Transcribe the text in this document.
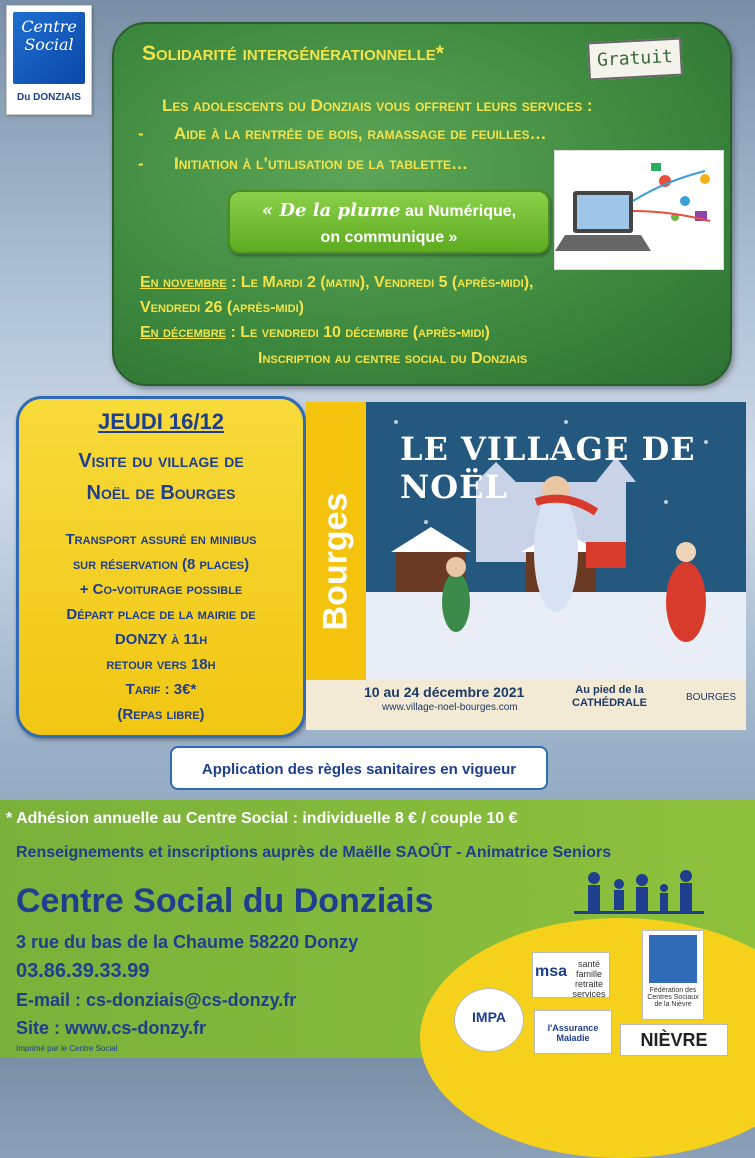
Centre
Social
Du DONZIAIS
Solidarité intergénérationnelle*	Gratuit
Les adolescents du Donziais vous offrent leurs services :
- Aide à la rentrée de bois, ramassage de feuilles…
- Initiation à l’utilisation de la tablette…
« De la plume au Numérique,
on communique »
En novembre : Le Mardi 2 (matin), Vendredi 5 (après-midi),
Vendredi 26 (après-midi)
En décembre : Le vendredi 10 décembre (après-midi)
Inscription au centre social du Donziais
JEUDI 16/12
Visite du village de
Noël de Bourges
Transport assuré en minibus
sur réservation (8 places)
+ Co-voiturage possible
Départ place de la mairie de
DONZY à 11h
retour vers 18h
Tarif : 3€*
(Repas libre)
Bourges
LE VILLAGE DE NOËL
10 au 24 décembre 2021
www.village-noel-bourges.com
Au pied de la
CATHÉDRALE	BOURGES
Application des règles sanitaires en vigueur
* Adhésion annuelle au Centre Social : individuelle 8 € / couple 10 €
Renseignements et inscriptions auprès de Maëlle SAOÛT - Animatrice Seniors
Centre Social du Donziais
3 rue du bas de la Chaume 58220 Donzy
03.86.39.33.99
E-mail : cs-donziais@cs-donzy.fr
Site : www.cs-donzy.fr
Imprimé par le Centre Social
IMPA
msa	santé famille retraite services	Fédération des Centres Sociaux de la Nièvre
l'Assurance Maladie	NIÈVRE
